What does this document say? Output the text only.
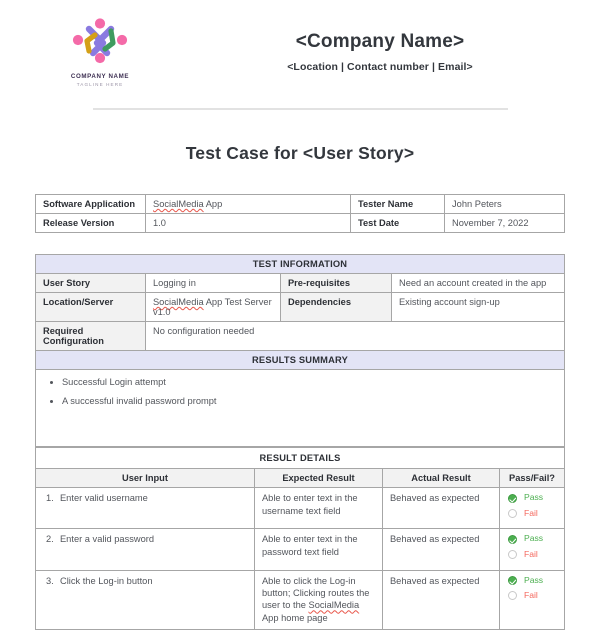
COMPANY NAME
TAGLINE HERE
<Company Name>
<Location | Contact number | Email>
Test Case for <User Story>
Software Application	SocialMedia App	Tester Name	John Peters
Release Version	1.0	Test Date	November 7, 2022
TEST INFORMATION			
User Story	Logging in	Pre-requisites	Need an account created in the app
Location/Server	SocialMedia App Test Server v1.0	Dependencies	Existing account sign-up
Required Configuration	No configuration needed		
RESULTS SUMMARY			

• Successful Login attempt
• A successful invalid password prompt
RESULT DETAILS			
User Input	Expected Result	Actual Result	Pass/Fail?

1. Enter valid username	Able to enter text in the username text field	Behaved as expected	Pass
Fail

2. Enter a valid password	Able to enter text in the password text field	Behaved as expected	Pass
Fail

3. Click the Log-in button	Able to click the Log-in button; Clicking routes the user to the SocialMedia App home page	Behaved as expected	Pass
Fail
